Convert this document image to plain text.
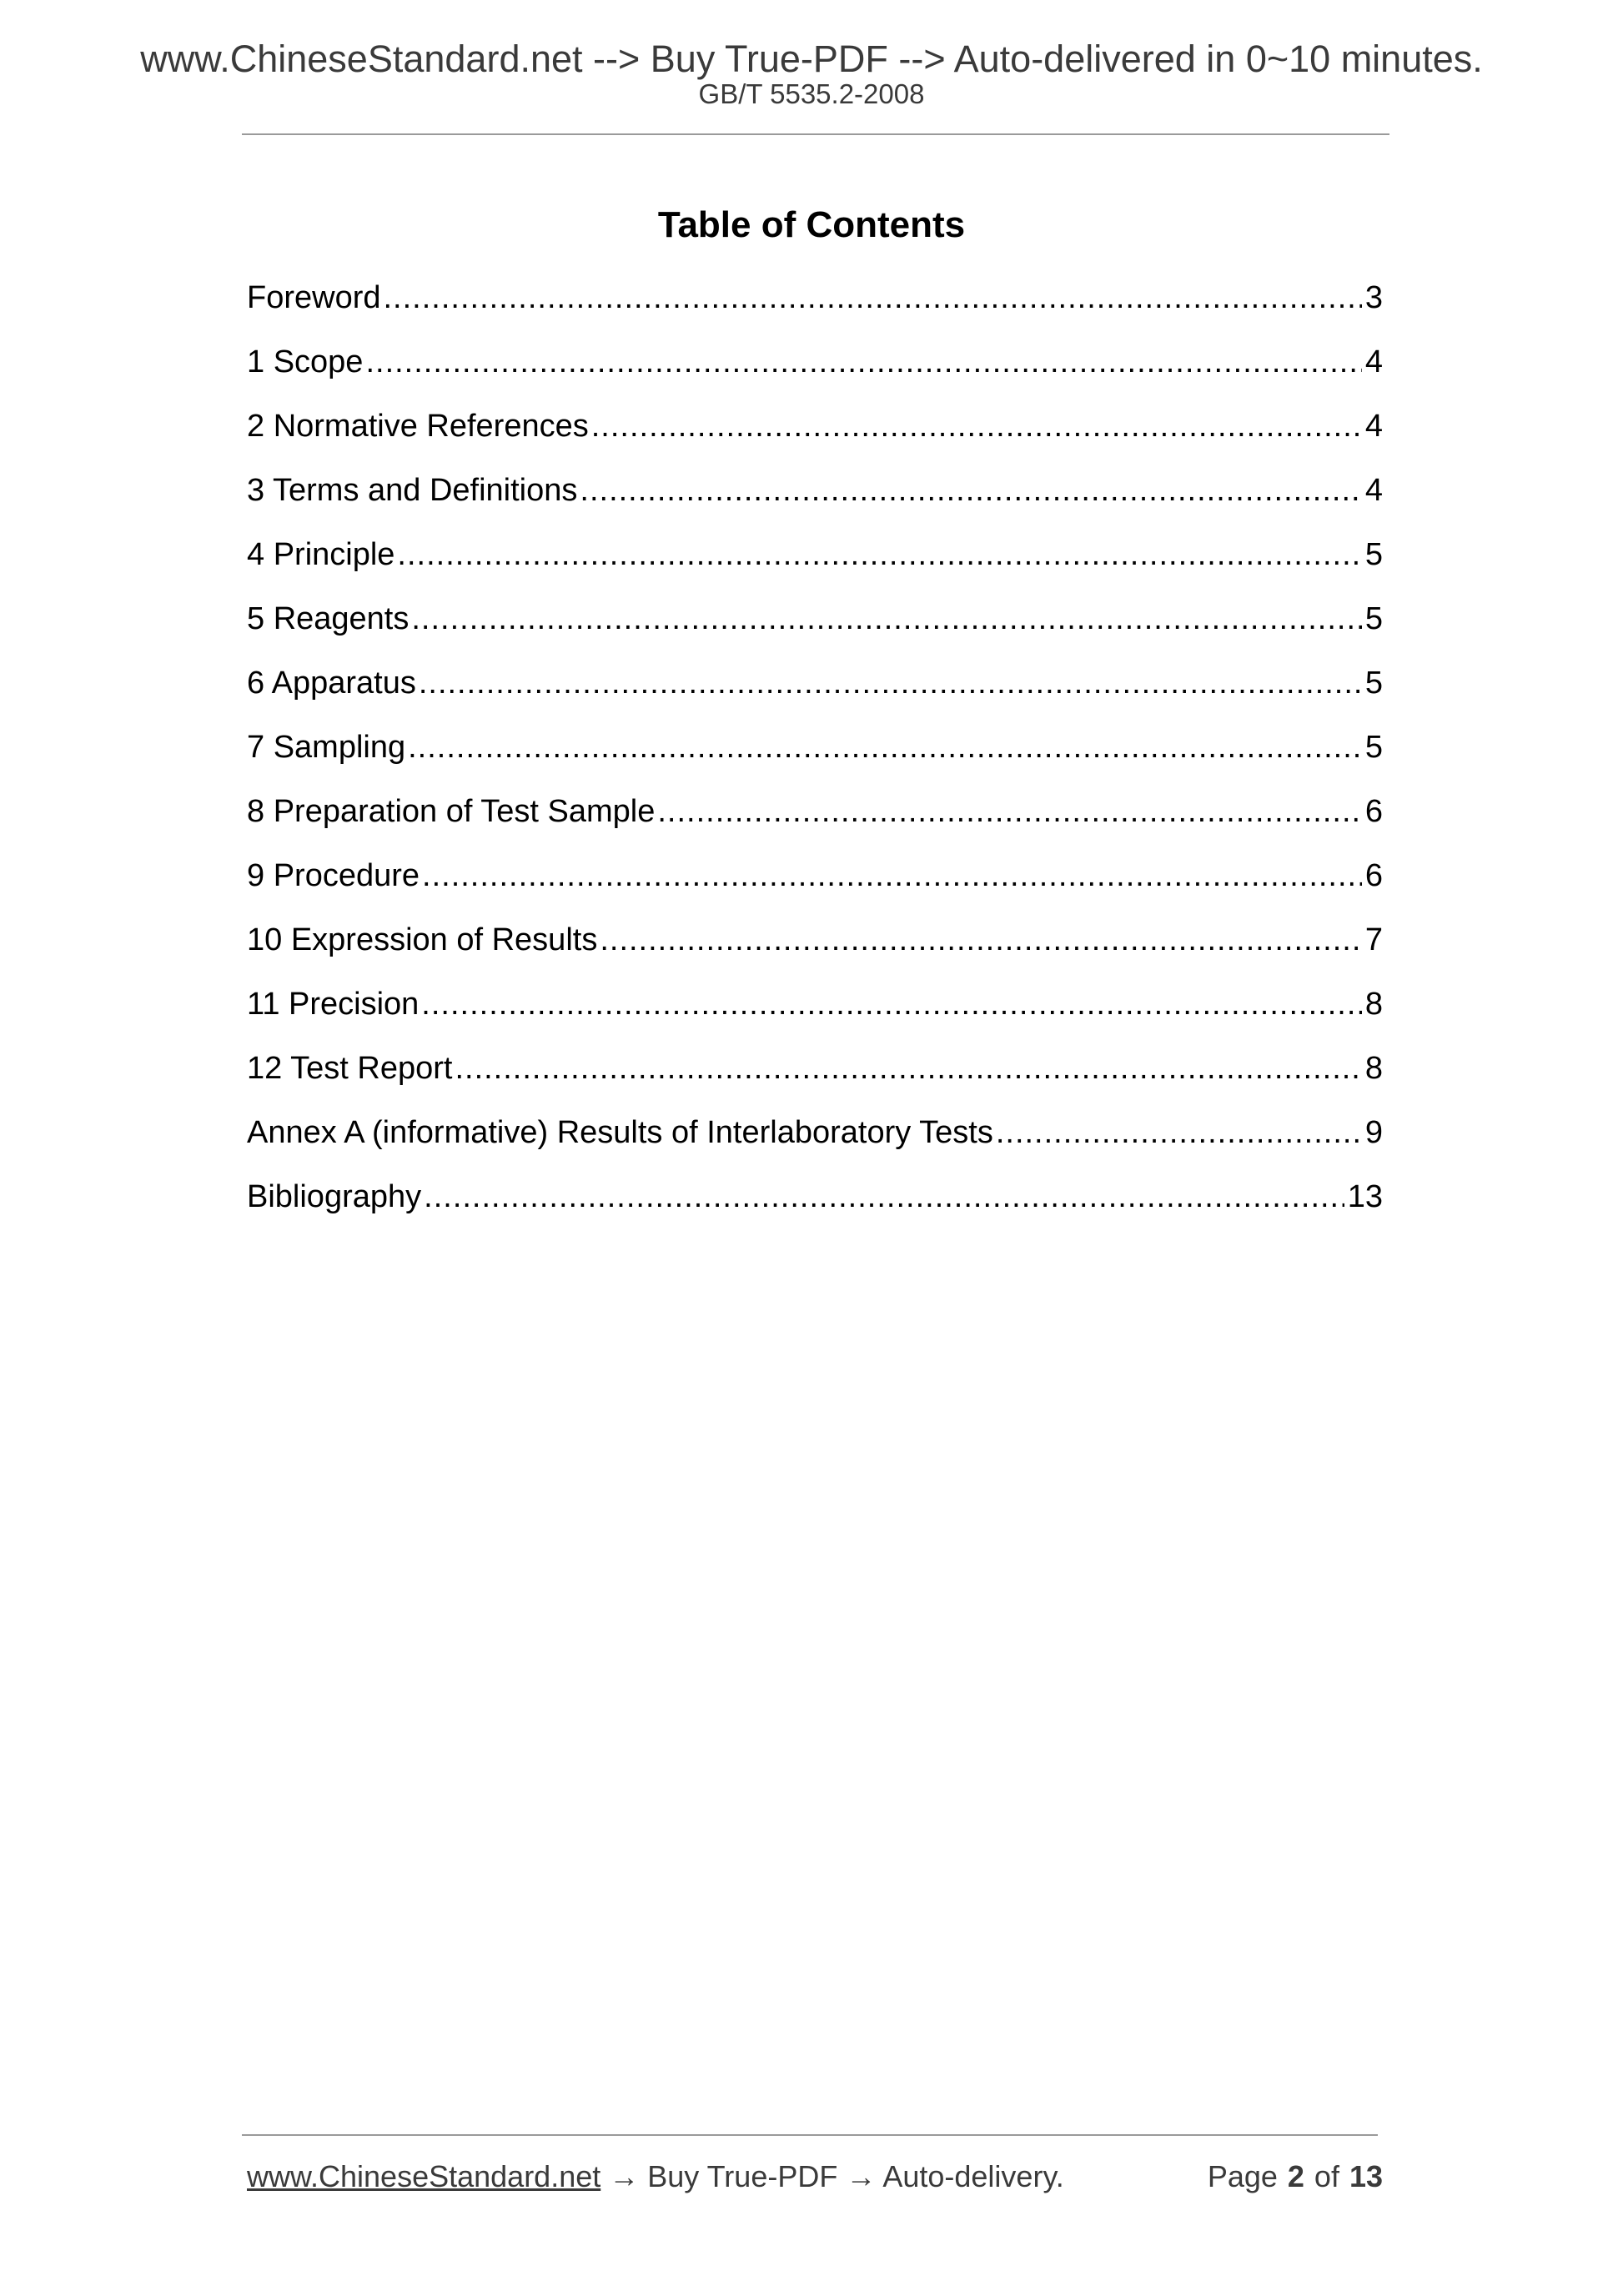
www.ChineseStandard.net --> Buy True-PDF --> Auto-delivered in 0~10 minutes.
GB/T 5535.2-2008
Table of Contents
Foreword .....	3
1 Scope .....	4
2 Normative References .....	4
3 Terms and Definitions .....	4
4 Principle .....	5
5 Reagents .....	5
6 Apparatus .....	5
7 Sampling .....	5
8 Preparation of Test Sample .....	6
9 Procedure .....	6
10 Expression of Results .....	7
11 Precision .....	8
12 Test Report .....	8
Annex A (informative) Results of Interlaboratory Tests .....	9
Bibliography .....	13
www.ChineseStandard.net → Buy True-PDF → Auto-delivery.	Page 2 of 13
